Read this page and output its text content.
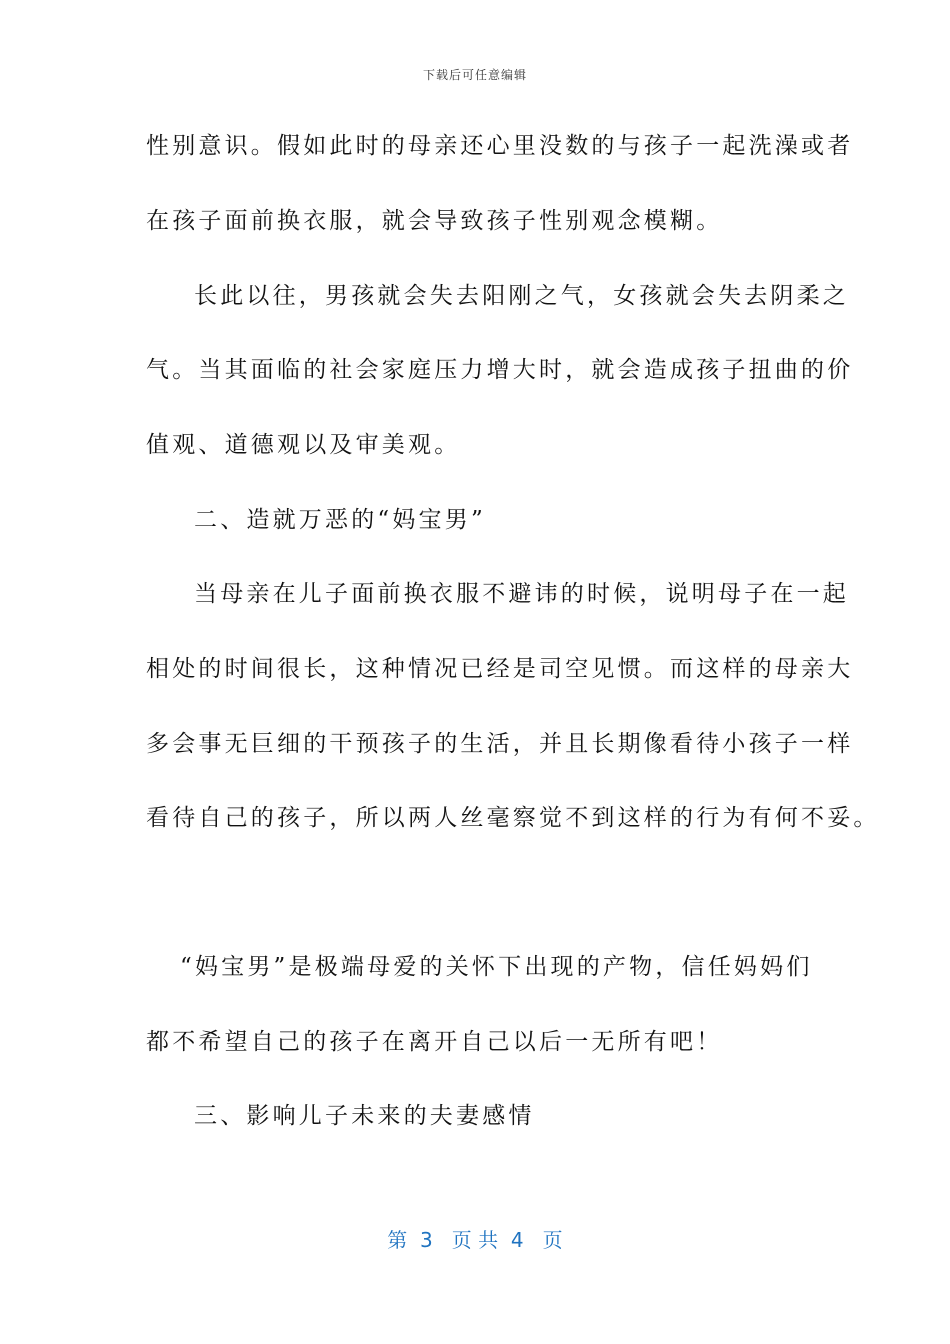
下载后可任意编辑
性别意识。假如此时的母亲还心里没数的与孩子一起洗澡或者
在孩子面前换衣服，就会导致孩子性别观念模糊。
长此以往，男孩就会失去阳刚之气，女孩就会失去阴柔之
气。当其面临的社会家庭压力增大时，就会造成孩子扭曲的价
值观、道德观以及审美观。
二、造就万恶的“妈宝男”
当母亲在儿子面前换衣服不避讳的时候，说明母子在一起
相处的时间很长，这种情况已经是司空见惯。而这样的母亲大
多会事无巨细的干预孩子的生活，并且长期像看待小孩子一样
看待自己的孩子，所以两人丝毫察觉不到这样的行为有何不妥。
“妈宝男”是极端母爱的关怀下出现的产物，信任妈妈们
都不希望自己的孩子在离开自己以后一无所有吧！
三、影响儿子未来的夫妻感情
第  3   页 共  4   页
